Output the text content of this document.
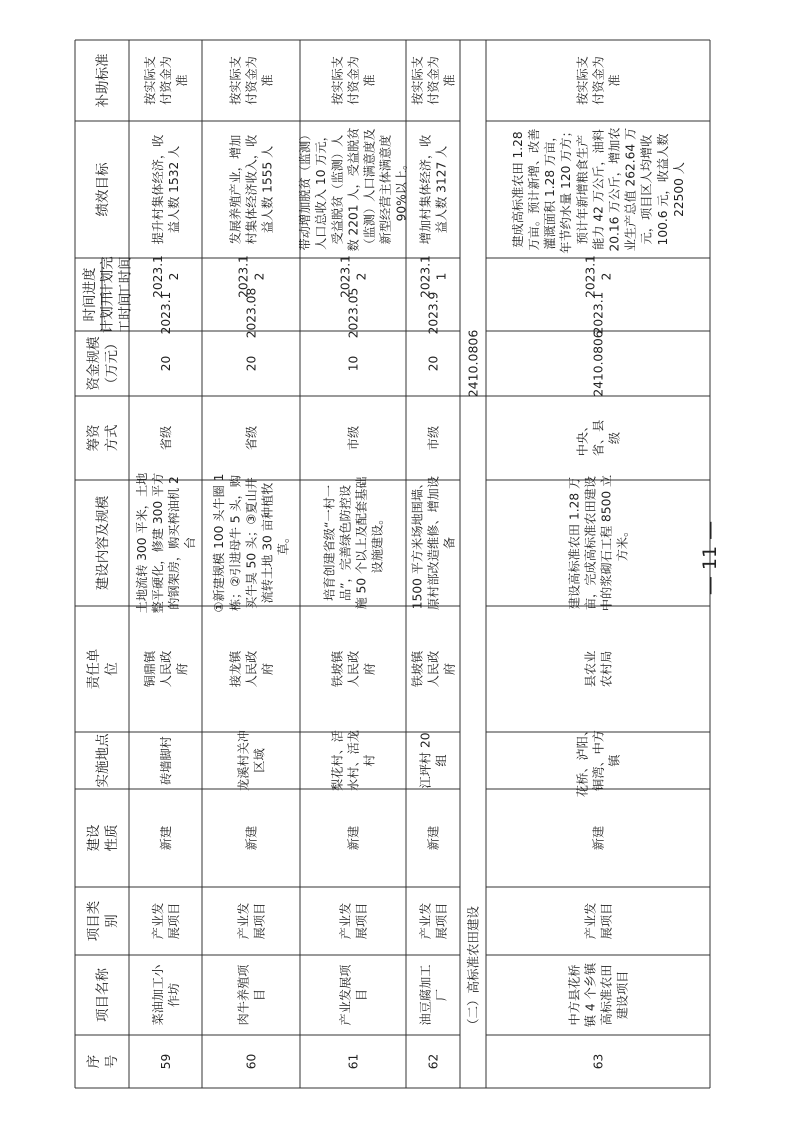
序 号
项目名称
项目类 别
建设 性质
实施地点
责任单 位
建设内容及规模
筹资 方式
资金规模 （万元）
绩效目标
补助标准
时间进度 计划开 工时间
计划完 工时间
59
菜油加工小 作坊
产业发 展项目
新建
砖墙脚村
铜鼎镇 人民政 府
土地流转 300 平米，土地 整平硬化，修建 300 平方 的钢架房，购买榨油机 2 台
省级
20
2023.1
2023.1 2
提升村集体经济，收 益人数 1532 人
按实际支 付资金为 准
60
肉牛养殖项 目
产业发 展项目
新建
龙溪村关冲 区域
接龙镇 人民政 府
①新建规模 100 头牛圈 1 栋；②引进母牛 5 头，购 买牛狊 50 头；③夏山井 流转土地 30 亩种植牧 草。
省级
20
2023.08
2023.1 2
发展养殖产业，增加 村集体经济收入，收 益人数 1555 人
按实际支 付资金为 准
61
产业发展项 目
产业发 展项目
新建
梨花村、活 水村、活龙 村
铁坡镇 人民政 府
培育创建省级“一村一 品”，完善绿色防控设 施 50 个以上及配套基础 设施建设。
市级
10
2023.05
2023.1 2
带动增加脱贫（监测） 人口总收入 10 万元， 受益脱贫（监测）人 数 2201 人，受益脱贫 （监测）人口满意度及 新型经营主体满意度 90%以上。
按实际支 付资金为 准
62
油豆腐加工 厂
产业发 展项目
新建
江坪村 20 组
铁坡镇 人民政 府
1500 平方米场地围墙、 原村部改造维修、增加设 备
市级
20
2023.9
2023.1 1
增加村集体经济，收 益人数 3127 人
按实际支 付资金为 准
63
中方县花桥 镇 4 个乡镇 高标准农田 建设项目
产业发 展项目
新建
花桥、泸阳、 铜湾、中方 镇
县农业 农村局
建设高标准农田 1.28 万 亩，完成高标准农田建设 中的浆砌石工程 8500 立 方米。
中央、 省、县 级
2410.0806
2023.1
2023.1 2
建成高标准农田 1.28 万亩。预计新增、改善 灌溉面积 1.28 万亩， 年节约水量 120 万方； 预计年新增粮食生产 能力 42 万公斤，油料 20.16 万公斤，增加农 业生产总值 262.64 万 元，项目区人均增收 100.6 元，收益人数 22500 人
按实际支 付资金为 准
（二）高标准农田建设
2410.0806
— 11 —
